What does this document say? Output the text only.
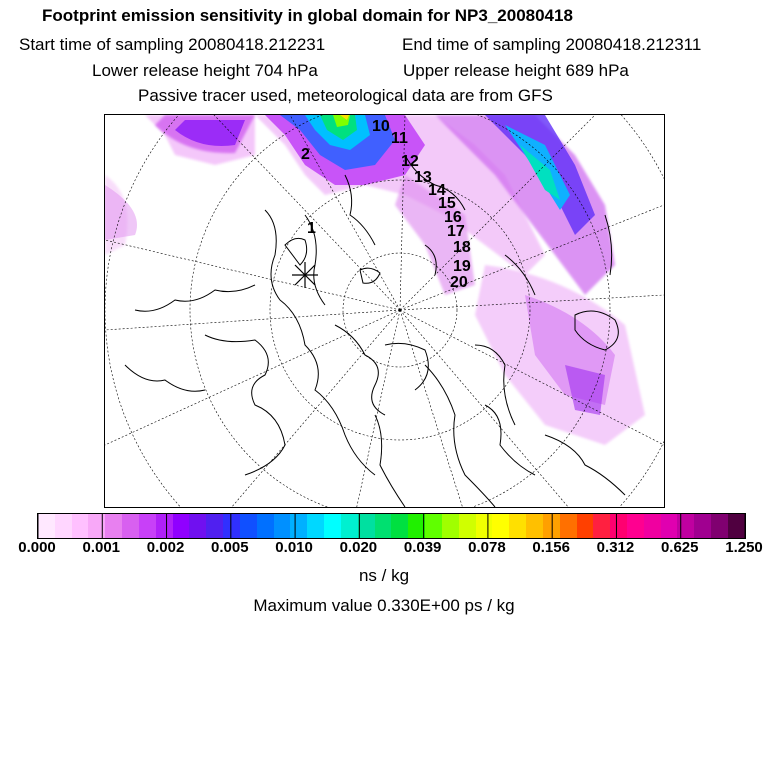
Footprint emission sensitivity in global domain for NP3_20080418
Start time of sampling 20080418.212231	End time of sampling 20080418.212311
Lower release height 704 hPa	Upper release height 689 hPa
Passive tracer used, meteorological data are from GFS
1
2
10
11
12
13
14
15
16
17
18
19
20
0.000 0.001 0.002 0.005 0.010 0.020 0.039 0.078 0.156 0.312 0.625 1.250
ns / kg
Maximum value 0.330E+00 ps / kg
